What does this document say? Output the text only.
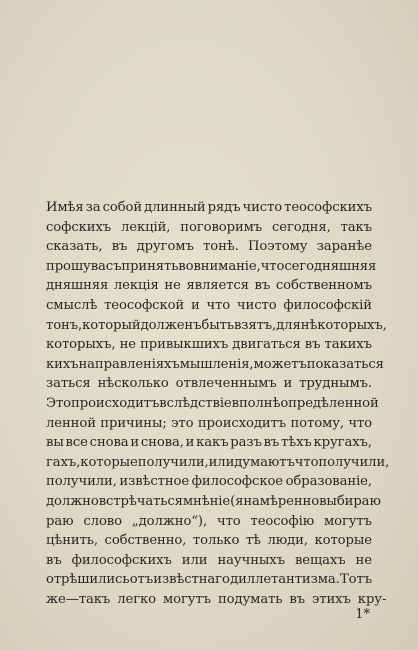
Имѣя за собой длинный рядъ чисто теософскихъ
софскихъ лекцій, поговоримъ сегодня, такъ
сказать, въ другомъ тонѣ. Поэтому заранѣе
прошу васъ принять во вниманіе, что сегодняшняя
дняшняя лекція не является въ собственномъ
смыслѣ теософской и что чисто философскій
тонъ, который долженъ быть взятъ, для нѣкоторыхъ,
которыхъ, не привыкшихъ двигаться въ такихъ
кихъ направленіяхъ мышленія, можетъ показаться
заться нѣсколько отвлеченнымъ и труднымъ.
Это происходитъ вслѣдствіе вполнѣ опредѣленной
ленной причины; это происходитъ потому, что
вы все снова и снова, и какъ разъ въ тѣхъ кругахъ,
гахъ, которые получили, или думаютъ что получили,
получили, извѣстное философское образованіе,
должно встрѣчаться мнѣніе (я намѣренно выбираю
раю слово „должно“), что теософію могутъ
цѣнить, собственно, только тѣ люди, которые
въ философскихъ или научныхъ вещахъ не
отрѣшились отъ извѣстнаго диллетантизма. Тотъ
же—такъ легко могутъ подумать въ этихъ кру-
1*
